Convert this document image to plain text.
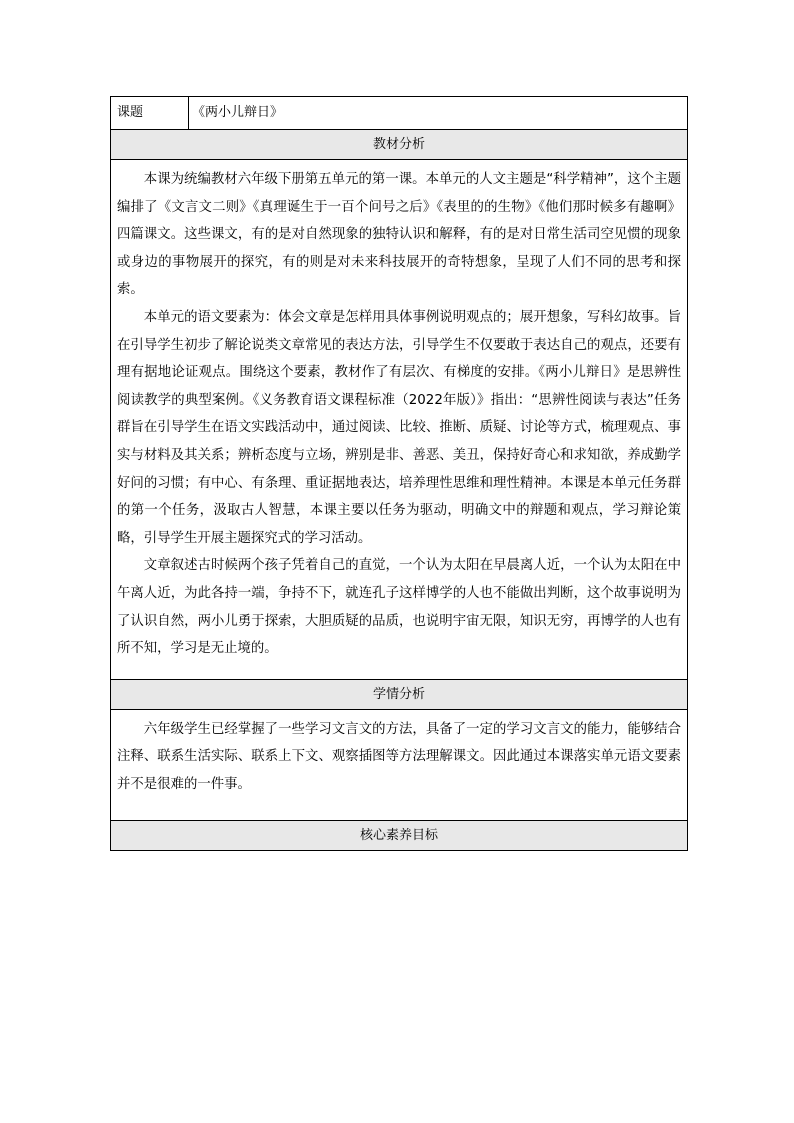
课题	《两小儿辩日》
教材分析

本课为统编教材六年级下册第五单元的第一课。本单元的人文主题是“科学精神”，这个主题编排了《文言文二则》《真理诞生于一百个问号之后》《表里的的生物》《他们那时候多有趣啊》四篇课文。这些课文，有的是对自然现象的独特认识和解释，有的是对日常生活司空见惯的现象或身边的事物展开的探究，有的则是对未来科技展开的奇特想象，呈现了人们不同的思考和探索。

本单元的语文要素为：体会文章是怎样用具体事例说明观点的；展开想象，写科幻故事。旨在引导学生初步了解论说类文章常见的表达方法，引导学生不仅要敢于表达自己的观点，还要有理有据地论证观点。围绕这个要素，教材作了有层次、有梯度的安排。《两小儿辩日》是思辨性阅读教学的典型案例。《义务教育语文课程标准（2022年版）》指出：“思辨性阅读与表达”任务群旨在引导学生在语文实践活动中，通过阅读、比较、推断、质疑、讨论等方式，梳理观点、事实与材料及其关系；辨析态度与立场，辨别是非、善恶、美丑，保持好奇心和求知欲，养成勤学好问的习惯；有中心、有条理、重证据地表达，培养理性思维和理性精神。本课是本单元任务群的第一个任务，汲取古人智慧，本课主要以任务为驱动，明确文中的辩题和观点，学习辩论策略，引导学生开展主题探究式的学习活动。

文章叙述古时候两个孩子凭着自己的直觉，一个认为太阳在早晨离人近，一个认为太阳在中午离人近，为此各持一端，争持不下，就连孔子这样博学的人也不能做出判断，这个故事说明为了认识自然，两小儿勇于探索，大胆质疑的品质，也说明宇宙无限，知识无穷，再博学的人也有所不知，学习是无止境的。

学情分析

六年级学生已经掌握了一些学习文言文的方法，具备了一定的学习文言文的能力，能够结合注释、联系生活实际、联系上下文、观察插图等方法理解课文。因此通过本课落实单元语文要素并不是很难的一件事。

核心素养目标
